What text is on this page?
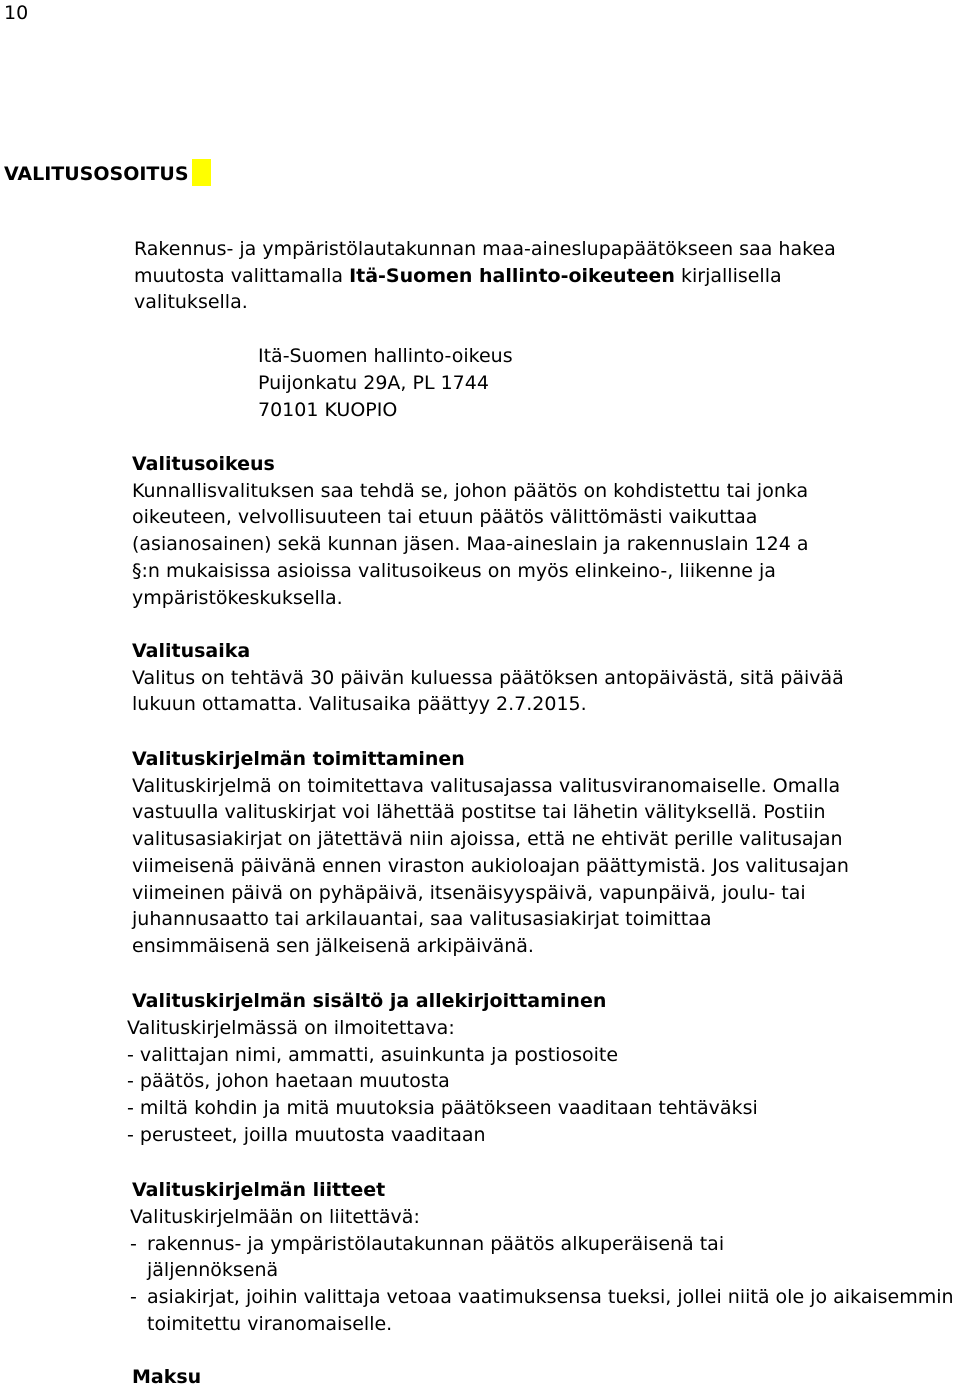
10
VALITUSOSOITUS
Rakennus- ja ympäristölautakunnan maa-aineslupapäätökseen saa hakea
muutosta valittamalla Itä-Suomen hallinto-oikeuteen kirjallisella
valituksella.
Itä-Suomen hallinto-oikeus
Puijonkatu 29A, PL 1744
70101 KUOPIO
Valitusoikeus

Kunnallisvalituksen saa tehdä se, johon päätös on kohdistettu tai jonka

oikeuteen, velvollisuuteen tai etuun päätös välittömästi vaikuttaa

(asianosainen) sekä kunnan jäsen. Maa-aineslain ja rakennuslain 124 a

§:n mukaisissa asioissa valitusoikeus on myös elinkeino-, liikenne ja

ympäristökeskuksella.

Valitusaika

Valitus on tehtävä 30 päivän kuluessa päätöksen antopäivästä, sitä päivää

lukuun ottamatta. Valitusaika päättyy 2.7.2015.

Valituskirjelmän toimittaminen

Valituskirjelmä on toimitettava valitusajassa valitusviranomaiselle. Omalla

vastuulla valituskirjat voi lähettää postitse tai lähetin välityksellä. Postiin

valitusasiakirjat on jätettävä niin ajoissa, että ne ehtivät perille valitusajan

viimeisenä päivänä ennen viraston aukioloajan päättymistä. Jos valitusajan

viimeinen päivä on pyhäpäivä, itsenäisyyspäivä, vapunpäivä, joulu- tai

juhannusaatto tai arkilauantai, saa valitusasiakirjat toimittaa

ensimmäisenä sen jälkeisenä arkipäivänä.

Valituskirjelmän sisältö ja allekirjoittaminen

Valituskirjelmässä on ilmoitettava:

- valittajan nimi, ammatti, asuinkunta ja postiosoite

- päätös, johon haetaan muutosta

- miltä kohdin ja mitä muutoksia päätökseen vaaditaan tehtäväksi

- perusteet, joilla muutosta vaaditaan

Valituskirjelmän liitteet

Valituskirjelmään on liitettävä:

- rakennus- ja ympäristölautakunnan päätös alkuperäisenä tai jäljennöksenä

- asiakirjat, joihin valittaja vetoaa vaatimuksensa tueksi, jollei niitä ole jo aikaisemmin toimitettu viranomaiselle.

Maksu
